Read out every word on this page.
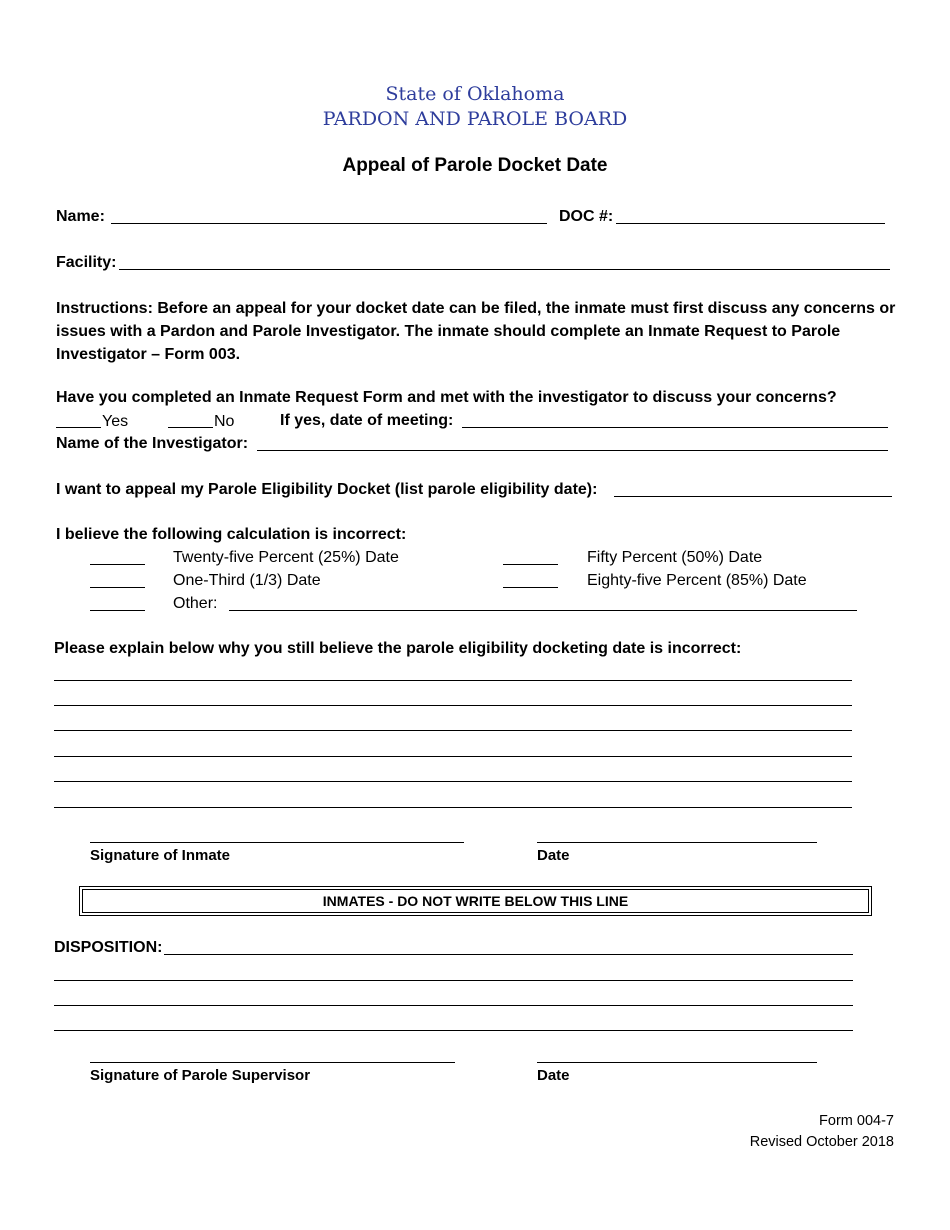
State of Oklahoma
PARDON AND PAROLE BOARD
Appeal of Parole Docket Date
Name:	DOC #:
Facility:
Instructions: Before an appeal for your docket date can be filed, the inmate must first discuss any concerns or issues with a Pardon and Parole Investigator. The inmate should complete an Inmate Request to Parole Investigator – Form 003.
Have you completed an Inmate Request Form and met with the investigator to discuss your concerns?
Yes	No	If yes, date of meeting:
Name of the Investigator:
I want to appeal my Parole Eligibility Docket (list parole eligibility date):
I believe the following calculation is incorrect:
Twenty-five Percent (25%) Date	Fifty Percent (50%) Date
One-Third (1/3) Date	Eighty-five Percent (85%) Date
Other:
Please explain below why you still believe the parole eligibility docketing date is incorrect:
Signature of Inmate	Date
INMATES - DO NOT WRITE BELOW THIS LINE
DISPOSITION:
Signature of Parole Supervisor	Date
Form 004-7
Revised October 2018
